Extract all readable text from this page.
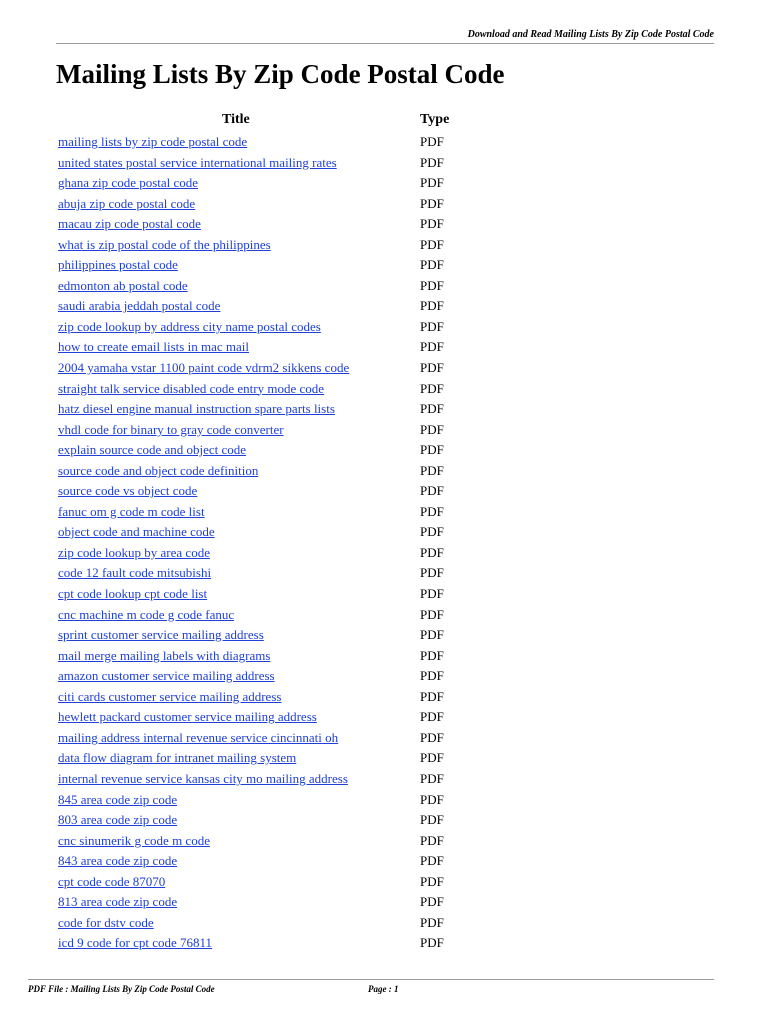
Download and Read Mailing Lists By Zip Code Postal Code
Mailing Lists By Zip Code Postal Code
Title	Type
mailing lists by zip code postal code	PDF
united states postal service international mailing rates	PDF
ghana zip code postal code	PDF
abuja zip code postal code	PDF
macau zip code postal code	PDF
what is zip postal code of the philippines	PDF
philippines postal code	PDF
edmonton ab postal code	PDF
saudi arabia jeddah postal code	PDF
zip code lookup by address city name postal codes	PDF
how to create email lists in mac mail	PDF
2004 yamaha vstar 1100 paint code vdrm2 sikkens code	PDF
straight talk service disabled code entry mode code	PDF
hatz diesel engine manual instruction spare parts lists	PDF
vhdl code for binary to gray code converter	PDF
explain source code and object code	PDF
source code and object code definition	PDF
source code vs object code	PDF
fanuc om g code m code list	PDF
object code and machine code	PDF
zip code lookup by area code	PDF
code 12 fault code mitsubishi	PDF
cpt code lookup cpt code list	PDF
cnc machine m code g code fanuc	PDF
sprint customer service mailing address	PDF
mail merge mailing labels with diagrams	PDF
amazon customer service mailing address	PDF
citi cards customer service mailing address	PDF
hewlett packard customer service mailing address	PDF
mailing address internal revenue service cincinnati oh	PDF
data flow diagram for intranet mailing system	PDF
internal revenue service kansas city mo mailing address	PDF
845 area code zip code	PDF
803 area code zip code	PDF
cnc sinumerik g code m code	PDF
843 area code zip code	PDF
cpt code code 87070	PDF
813 area code zip code	PDF
code for dstv code	PDF
icd 9 code for cpt code 76811	PDF
PDF File : Mailing Lists By Zip Code Postal Code	Page : 1
